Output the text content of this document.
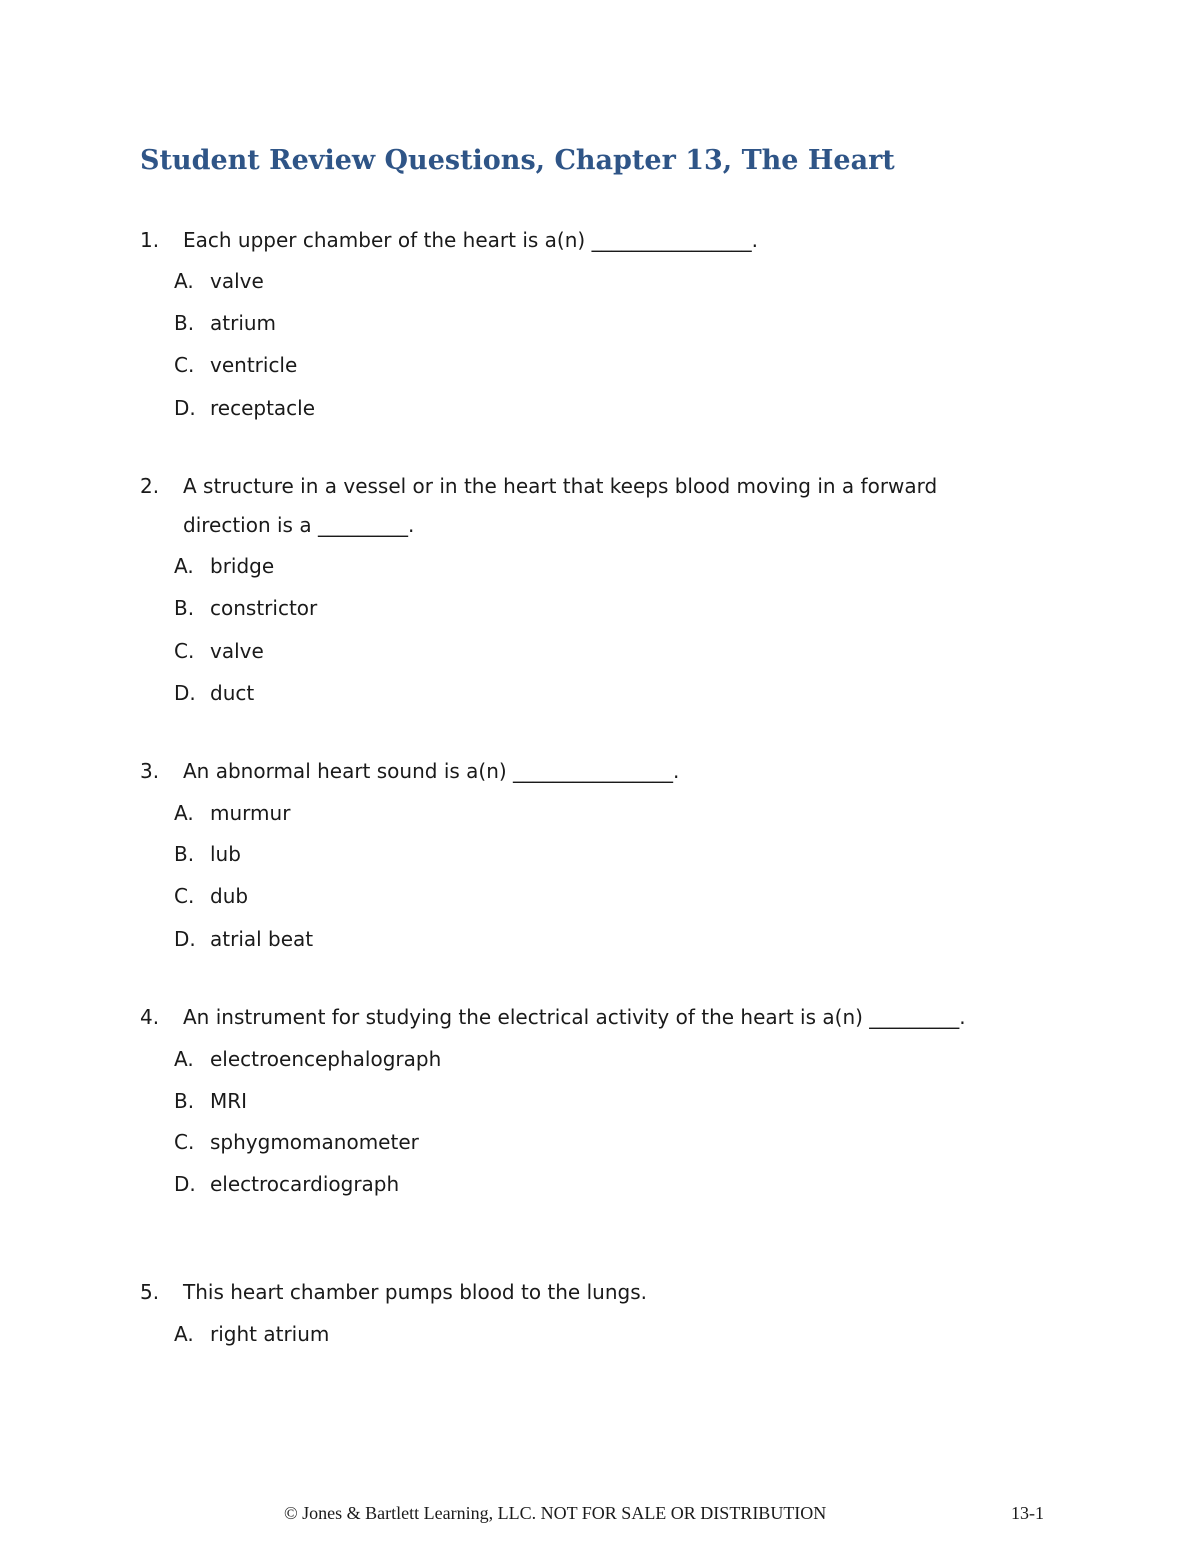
Student Review Questions, Chapter 13, The Heart
1.	Each upper chamber of the heart is a(n) ________________.
A. valve
B. atrium
C. ventricle
D. receptacle
2.	A structure in a vessel or in the heart that keeps blood moving in a forward
direction is a _________.
A. bridge
B. constrictor
C. valve
D. duct
3.	An abnormal heart sound is a(n) ________________.
A. murmur
B. lub
C. dub
D. atrial beat
4.	An instrument for studying the electrical activity of the heart is a(n) _________.
A. electroencephalograph
B. MRI
C. sphygmomanometer
D. electrocardiograph
5.	This heart chamber pumps blood to the lungs.
A. right atrium
© Jones & Bartlett Learning, LLC. NOT FOR SALE OR DISTRIBUTION	13-1
